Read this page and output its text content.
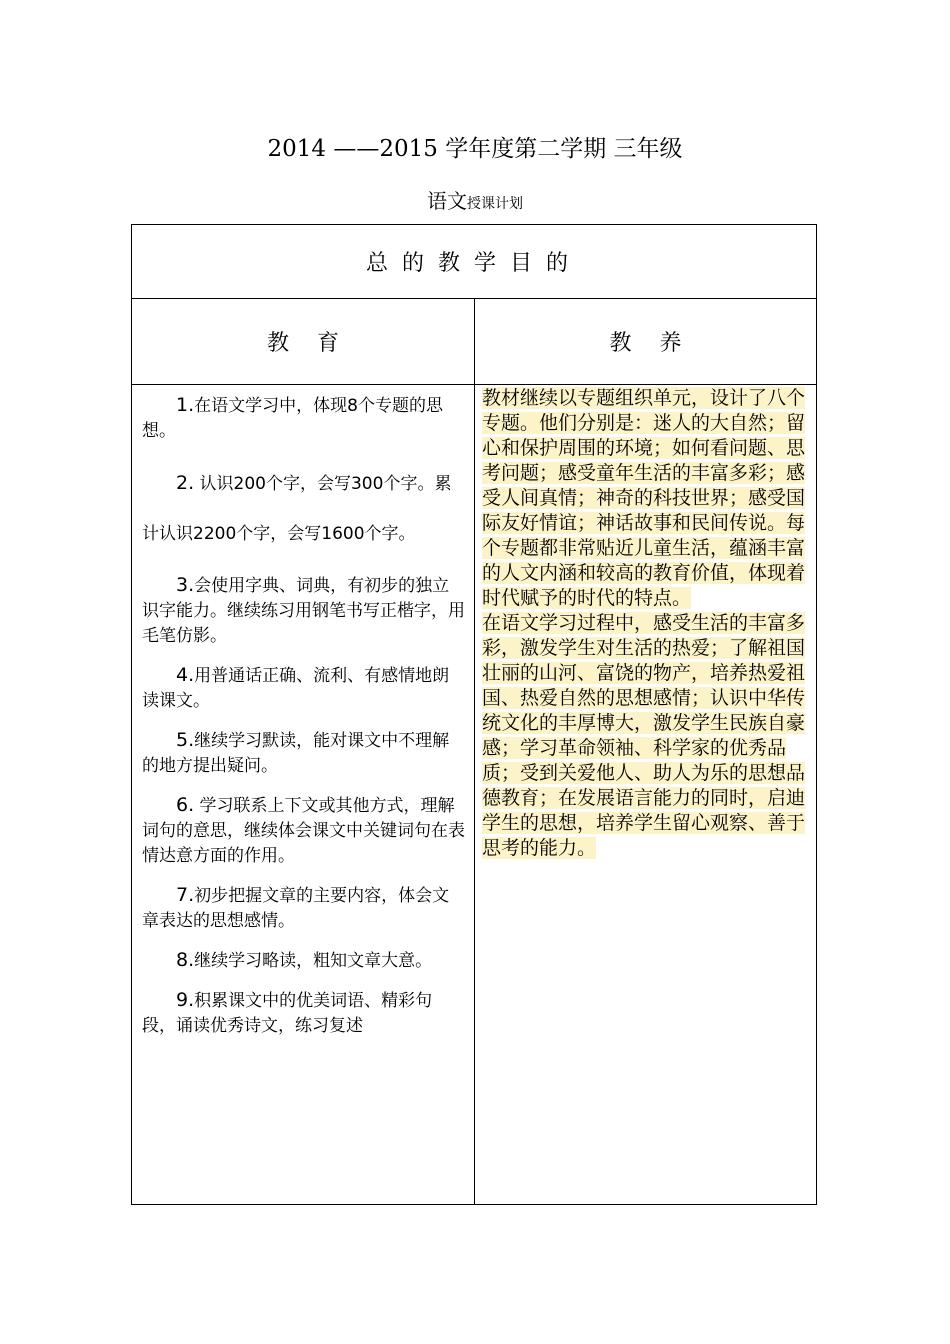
2014 ——2015 学年度第二学期 三年级
语文授课计划
总的教学目的
教育	教养

1.在语文学习中，体现8个专题的思想。

2. 认识200个字，会写300个字。累计认识2200个字，会写1600个字。

3.会使用字典、词典，有初步的独立识字能力。继续练习用钢笔书写正楷字，用毛笔仿影。

4.用普通话正确、流利、有感情地朗读课文。

5.继续学习默读，能对课文中不理解的地方提出疑问。

6. 学习联系上下文或其他方式，理解词句的意思，继续体会课文中关键词句在表情达意方面的作用。

7.初步把握文章的主要内容，体会文章表达的思想感情。

8.继续学习略读，粗知文章大意。

9.积累课文中的优美词语、精彩句段，诵读优秀诗文，练习复述

教材继续以专题组织单元，设计了八个专题。他们分别是：迷人的大自然；留心和保护周围的环境；如何看问题、思考问题；感受童年生活的丰富多彩；感受人间真情；神奇的科技世界；感受国际友好情谊；神话故事和民间传说。每个专题都非常贴近儿童生活，蕴涵丰富的人文内涵和较高的教育价值，体现着时代赋予的时代的特点。

在语文学习过程中，感受生活的丰富多彩，激发学生对生活的热爱；了解祖国壮丽的山河、富饶的物产，培养热爱祖国、热爱自然的思想感情；认识中华传统文化的丰厚博大，激发学生民族自豪感；学习革命领袖、科学家的优秀品质；受到关爱他人、助人为乐的思想品德教育；在发展语言能力的同时，启迪学生的思想，培养学生留心观察、善于思考的能力。
